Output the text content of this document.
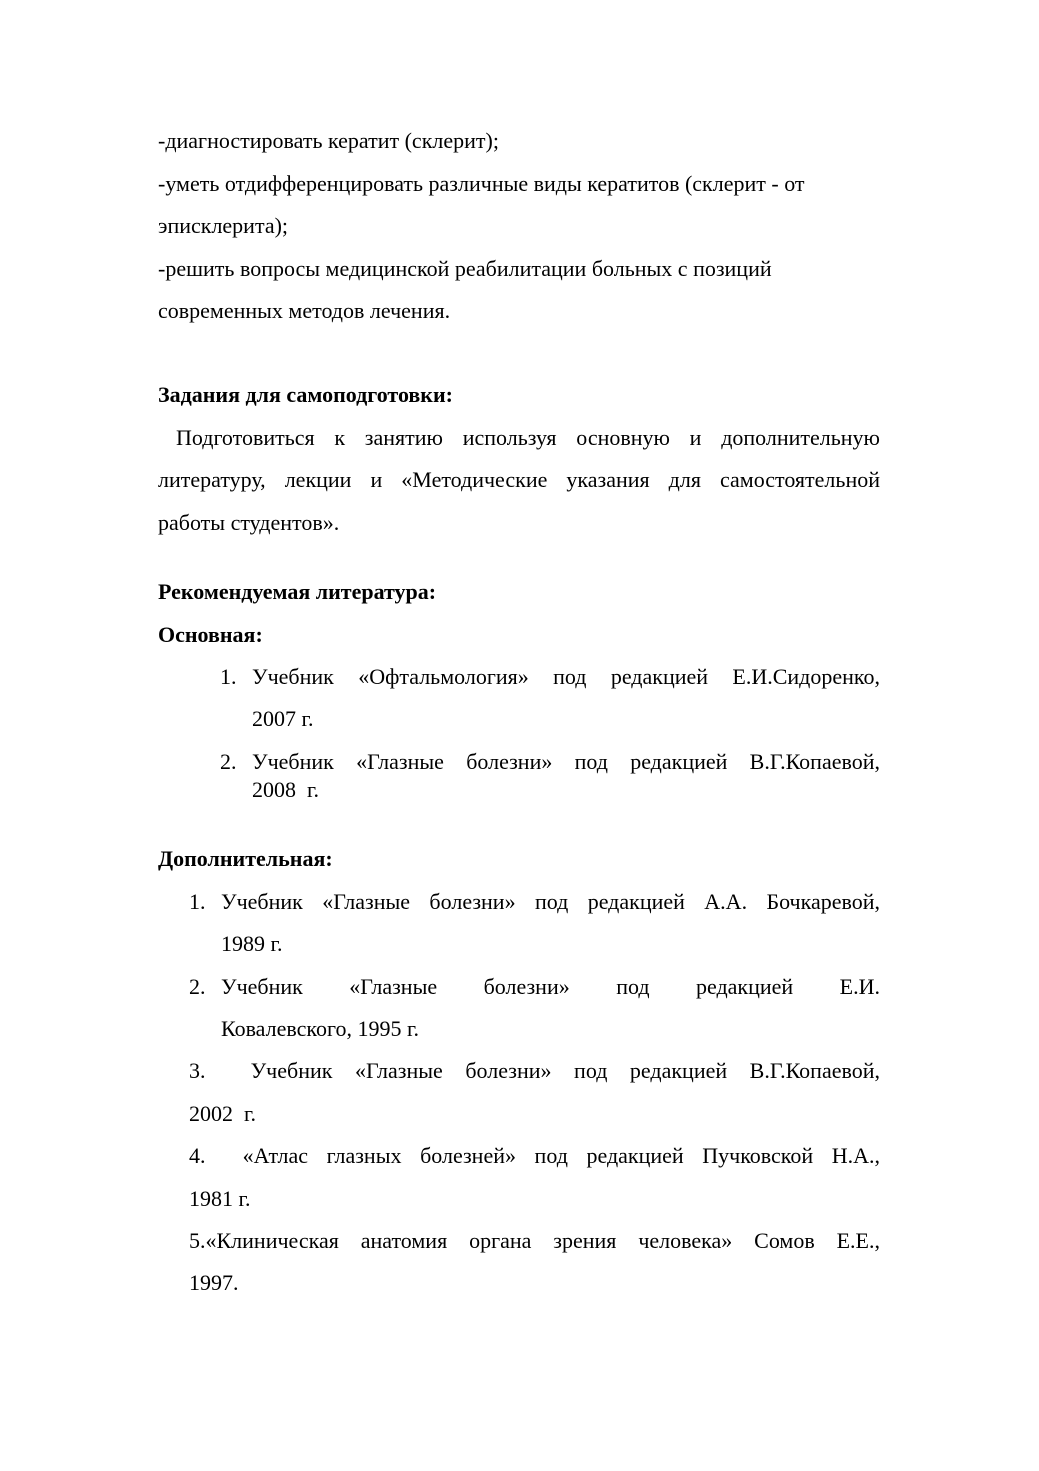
-диагностировать кератит (склерит);
-уметь отдифференцировать различные виды кератитов (склерит - от
эписклерита);
-решить вопросы медицинской реабилитации больных с позиций
современных методов лечения.
Задания для самоподготовки:
Подготовиться к занятию используя основную и дополнительную
литературу, лекции и «Методические указания для самостоятельной
работы студентов».
Рекомендуемая литература:
Основная:
1. Учебник «Офтальмология» под редакцией Е.И.Сидоренко,
2007 г.
2. Учебник «Глазные болезни» под редакцией В.Г.Копаевой,
2008  г.
Дополнительная:
1. Учебник «Глазные болезни» под редакцией А.А. Бочкаревой,
1989 г.
2. Учебник «Глазные болезни» под редакцией Е.И.
Ковалевского, 1995 г.
3.  Учебник «Глазные болезни» под редакцией В.Г.Копаевой,
2002  г.
4.  «Атлас глазных болезней» под редакцией Пучковской Н.А.,
1981 г.
5.«Клиническая анатомия органа зрения человека» Сомов Е.Е.,
1997.
